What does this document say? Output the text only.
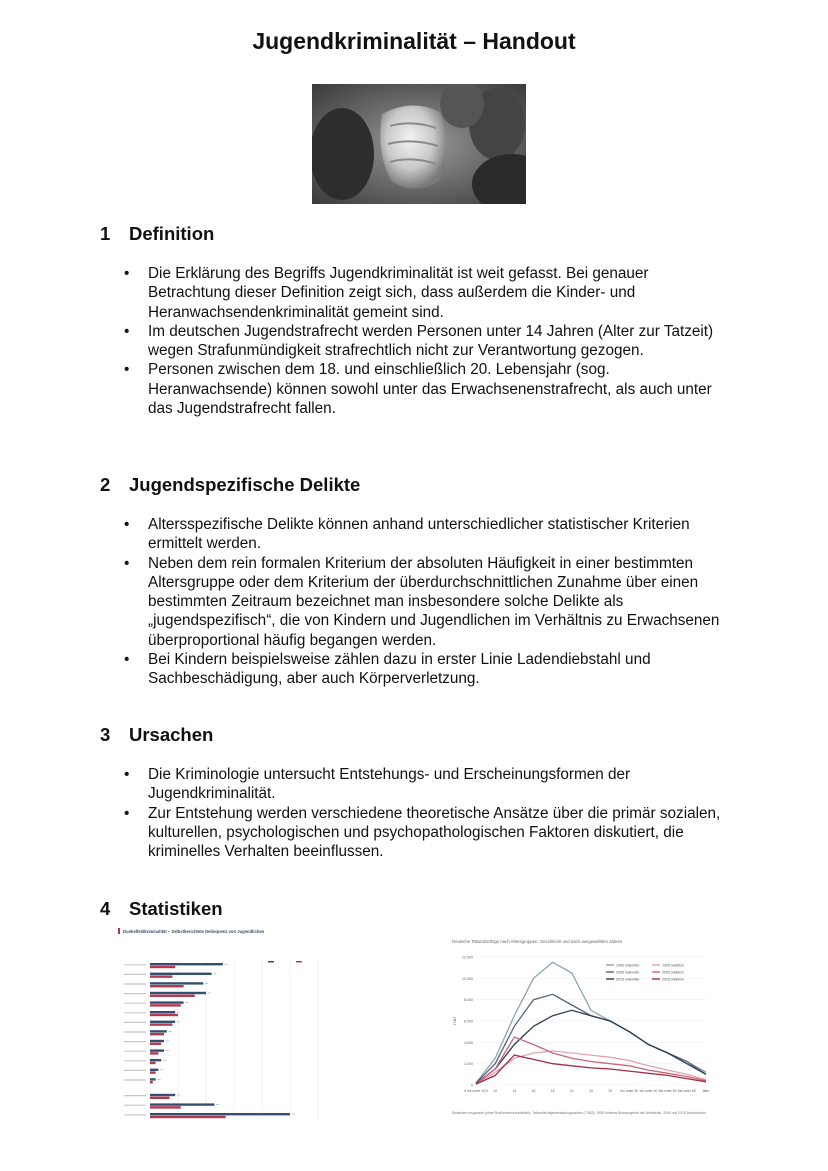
Jugendkriminalität – Handout
1 Definition
• Die Erklärung des Begriffs Jugendkriminalität ist weit gefasst. Bei genauer Betrachtung dieser Definition zeigt sich, dass außerdem die Kinder- und Heranwachsendenkriminalität gemeint sind.
• Im deutschen Jugendstrafrecht werden Personen unter 14 Jahren (Alter zur Tatzeit) wegen Strafunmündigkeit strafrechtlich nicht zur Verantwortung gezogen.
• Personen zwischen dem 18. und einschließlich 20. Lebensjahr (sog. Heranwachsende) können sowohl unter das Erwachsenenstrafrecht, als auch unter das Jugendstrafrecht fallen.
2 Jugendspezifische Delikte
• Altersspezifische Delikte können anhand unterschiedlicher statistischer Kriterien ermittelt werden.
• Neben dem rein formalen Kriterium der absoluten Häufigkeit in einer bestimmten Altersgruppe oder dem Kriterium der überdurchschnittlichen Zunahme über einen bestimmten Zeitraum bezeichnet man insbesondere solche Delikte als „jugendspezifisch“, die von Kindern und Jugendlichen im Verhältnis zu Erwachsenen überproportional häufig begangen werden.
• Bei Kindern beispielsweise zählen dazu in erster Linie Ladendiebstahl und Sachbeschädigung, aber auch Körperverletzung.
3 Ursachen
• Die Kriminologie untersucht Entstehungs- und Erscheinungsformen der Jugendkriminalität.
• Zur Entstehung werden verschiedene theoretische Ansätze über die primär sozialen, kulturellen, psychologischen und psychopathologischen Faktoren diskutiert, die kriminelles Verhalten beeinflussen.
4 Statistiken
Dunkelfeldkriminalität – Selbstberichtete Delinquenz von Jugendlichen
Deutsche Tatverdächtige nach Altersgruppen, Geschlecht und nach ausgewählten Jahren
0
2.000
4.000
6.000
8.000
10.000
12.000
8 bis unter 10,5 12	14	16	18	21	23	25 bis unter 30 bis unter 40 bis unter 50 bis unter 60 älter
TVBZ
1995 männlich	1995 weiblich
2005 männlich	2005 weiblich
2015 männlich	2015 weiblich
Strafsaten insgesamt (ohne Straßenverkehrsdelikte); Tatverdächtigenbelastungszahlen (TVBZ); 1995 früheres Bundesgebiet mit Westberlin, 2005 und 2015 Deutschland
